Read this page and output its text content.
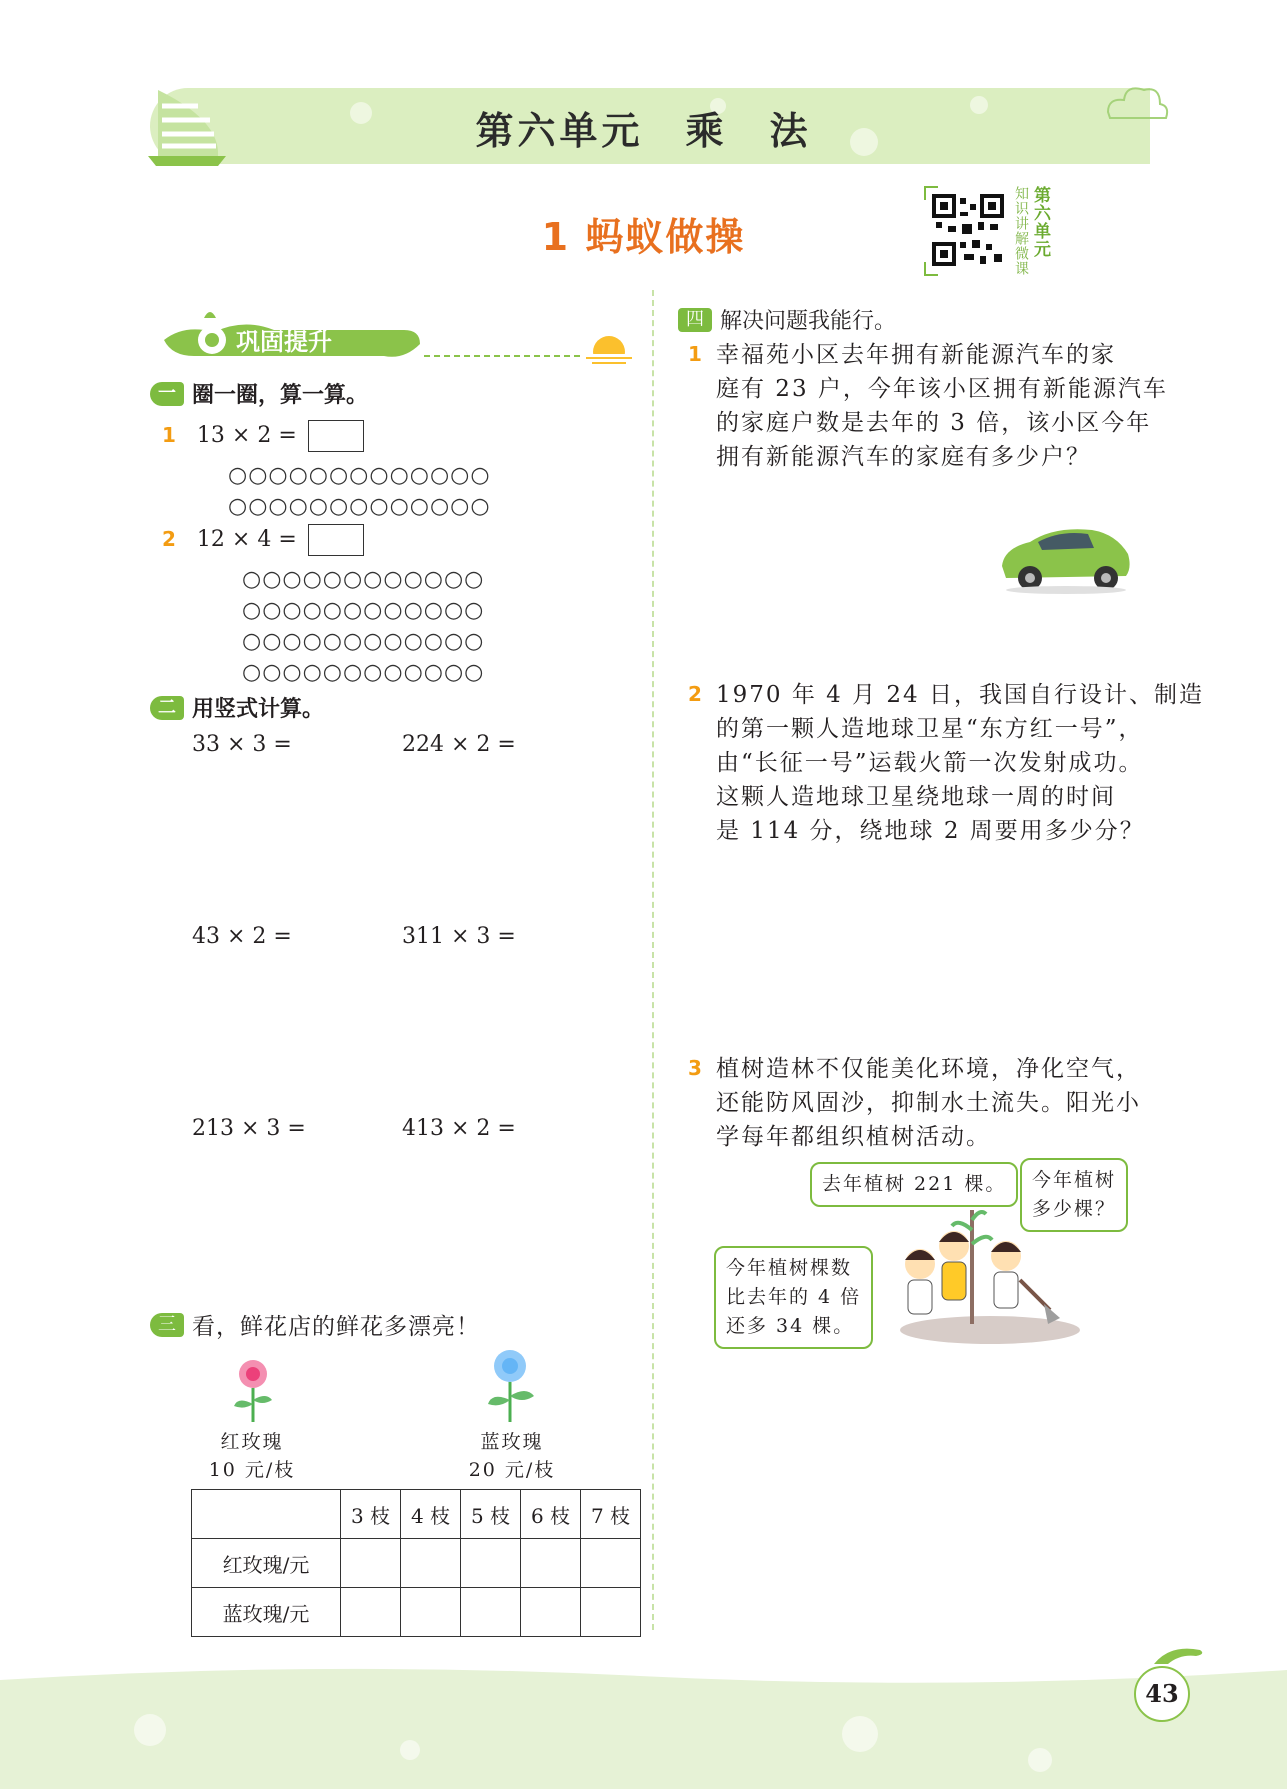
第六单元　乘　法
1 蚂蚁做操	知识讲解微课 第六单元
巩固提升
一 圈一圈，算一算。
1 13 × 2 =
○○○○○○○○○○○○○
○○○○○○○○○○○○○
2 12 × 4 =
○○○○○○○○○○○○
○○○○○○○○○○○○
○○○○○○○○○○○○
○○○○○○○○○○○○
二 用竖式计算。
33 × 3 =	224 × 2 =
43 × 2 =	311 × 3 =
213 × 3 =	413 × 2 =
三 看，鲜花店的鲜花多漂亮！
红玫瑰
10 元/枝
蓝玫瑰
20 元/枝
	3 枝	4 枝	5 枝	6 枝	7 枝
红玫瑰/元					
蓝玫瑰/元					
四 解决问题我能行。
1 幸福苑小区去年拥有新能源汽车的家
庭有 23 户，今年该小区拥有新能源汽车
的家庭户数是去年的 3 倍，该小区今年
拥有新能源汽车的家庭有多少户？
2 1970 年 4 月 24 日，我国自行设计、制造
的第一颗人造地球卫星“东方红一号”，
由“长征一号”运载火箭一次发射成功。
这颗人造地球卫星绕地球一周的时间
是 114 分，绕地球 2 周要用多少分？
3 植树造林不仅能美化环境，净化空气，
还能防风固沙，抑制水土流失。阳光小
学每年都组织植树活动。
去年植树 221 棵。	今年植树
多少棵？
今年植树棵数
比去年的 4 倍
还多 34 棵。
43
